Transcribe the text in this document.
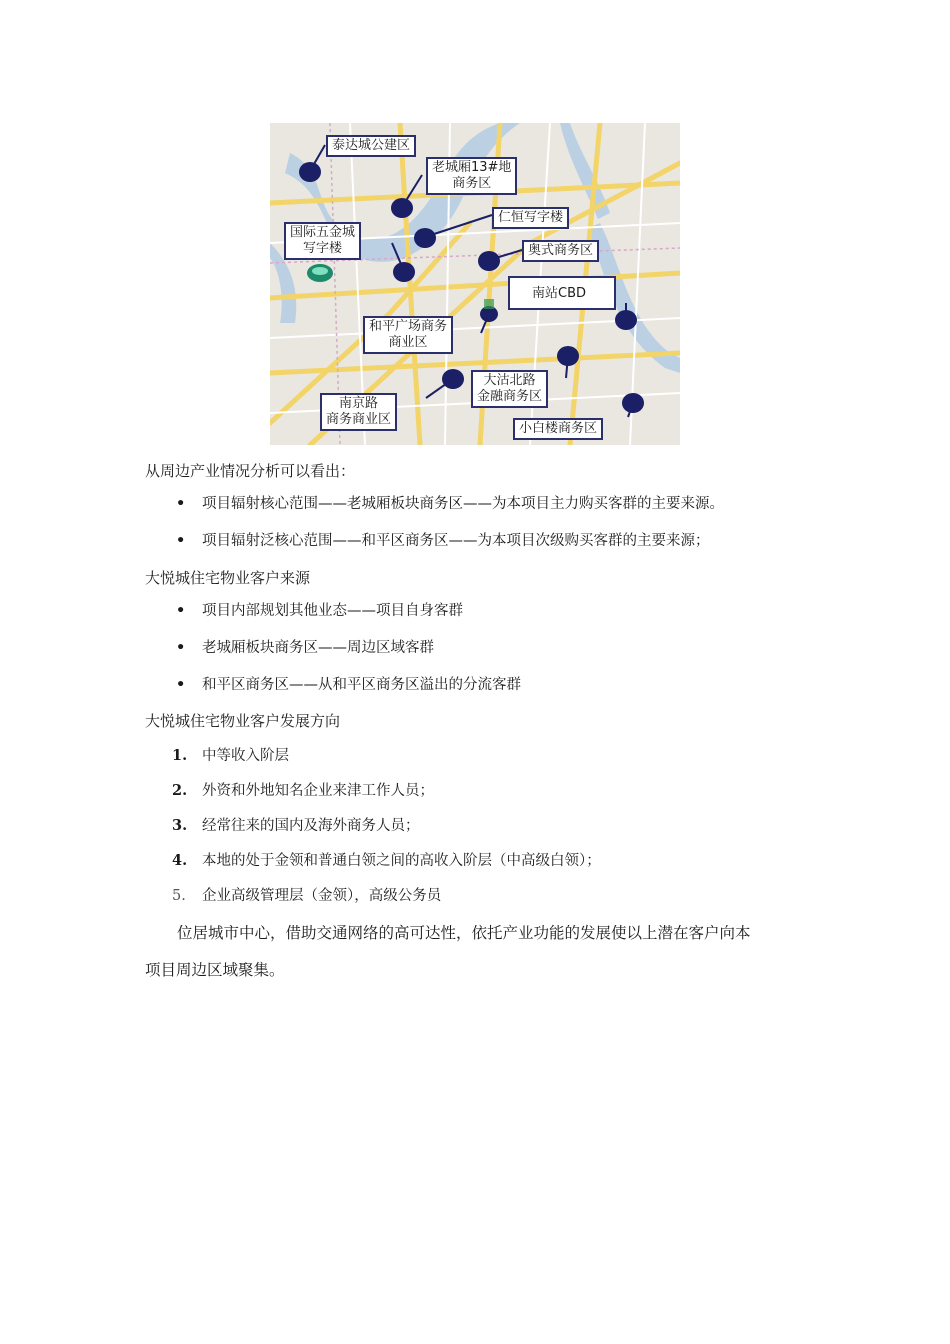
泰达城公建区
老城厢13#地
商务区
仁恒写字楼
国际五金城
写字楼	奥式商务区
南站CBD
和平广场商务
商业区
大沽北路
金融商务区
南京路
商务商业区
小白楼商务区
从周边产业情况分析可以看出：
• 项目辐射核心范围——老城厢板块商务区——为本项目主力购买客群的主要来源。
• 项目辐射泛核心范围——和平区商务区——为本项目次级购买客群的主要来源；
大悦城住宅物业客户来源
• 项目内部规划其他业态——项目自身客群
• 老城厢板块商务区——周边区域客群
• 和平区商务区——从和平区商务区溢出的分流客群
大悦城住宅物业客户发展方向
1. 中等收入阶层
2. 外资和外地知名企业来津工作人员；
3. 经常往来的国内及海外商务人员；
4. 本地的处于金领和普通白领之间的高收入阶层（中高级白领）；
5. 企业高级管理层（金领），高级公务员
位居城市中心，借助交通网络的高可达性，依托产业功能的发展使以上潜在客户向本
项目周边区域聚集。
